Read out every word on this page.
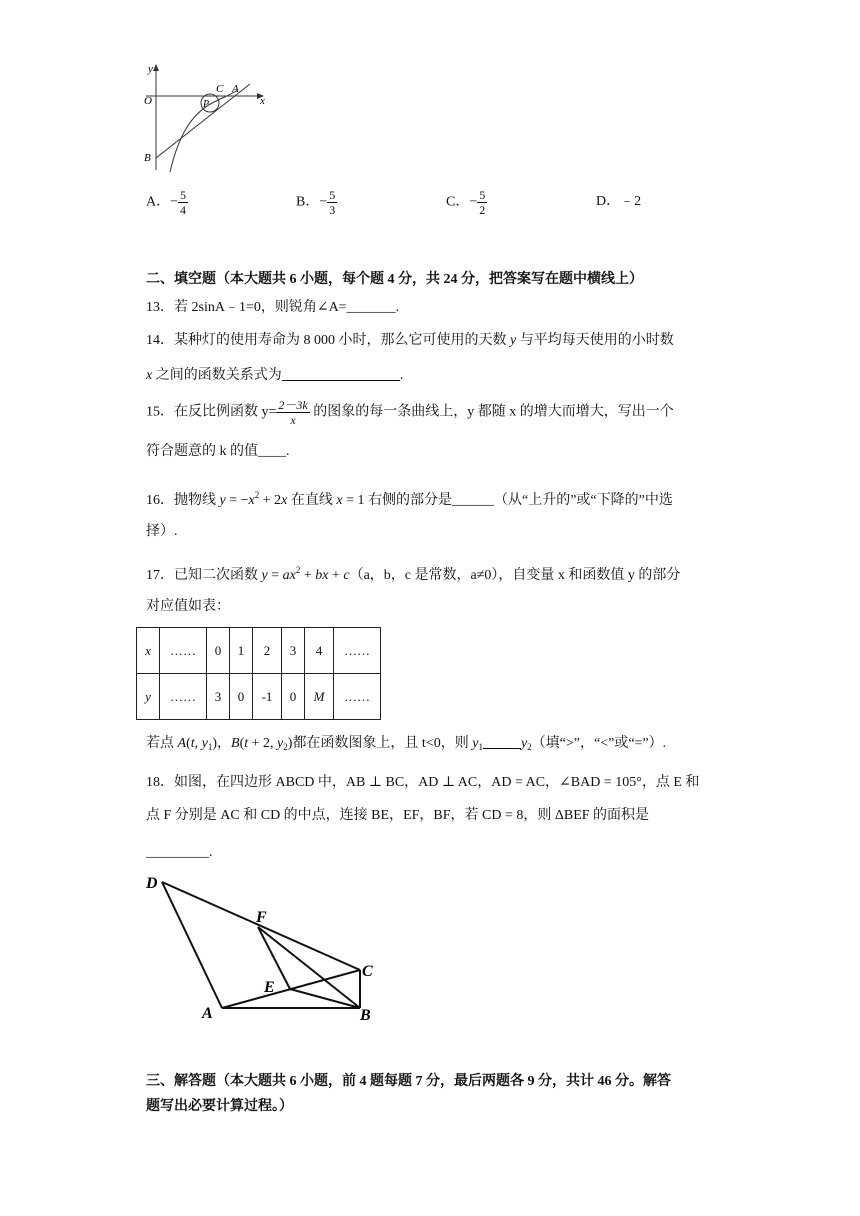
y
x
O
B
C A
P
A．− $\frac{5}{4}$	B．− $\frac{5}{3}$	C．− $\frac{5}{2}$	D．﹣2
二、填空题（本大题共 6 小题，每个题 4 分，共 24 分，把答案写在题中横线上）
13．若 2sinA﹣1=0，则锐角∠A=_______.
14．某种灯的使用寿命为 8 000 小时，那么它可使用的天数 y 与平均每天使用的小时数
x 之间的函数关系式为	.
15．在反比例函数 $y= \frac{2-3k}{x}$ 的图象的每一条曲线上，y 都随 x 的增大而增大，写出一个
符合题意的 k 的值____.
16．抛物线 $y = -x^2 + 2x$ 在直线 x = 1 右侧的部分是______（从“上升的”或“下降的”中选
择）.
17．已知二次函数 $y = ax^2$ + bx + c（a，b，c 是常数，a≠0），自变量 x 和函数值 y 的部分
对应值如表：
x	……	0	1	2	3	4	……
y	……	3	0	-1	0	M	……
若点 A(t, $y_1$)，B(t + 2, $y_2$)都在函数图象上，且 t<0，则 $y_1$	$y_2$（填“>”，“<”或“=”）.
18．如图，在四边形 ABCD 中，AB ⊥ BC，AD ⊥ AC，AD = AC，∠BAD = 105°，点 E 和
点 F 分别是 AC 和 CD 的中点，连接 BE，EF，BF，若 CD = 8，则 ΔBEF 的面积是
_________.
D
F
C
E
A	B
三、解答题（本大题共 6 小题，前 4 题每题 7 分，最后两题各 9 分，共计 46 分。解答
题写出必要计算过程。）
